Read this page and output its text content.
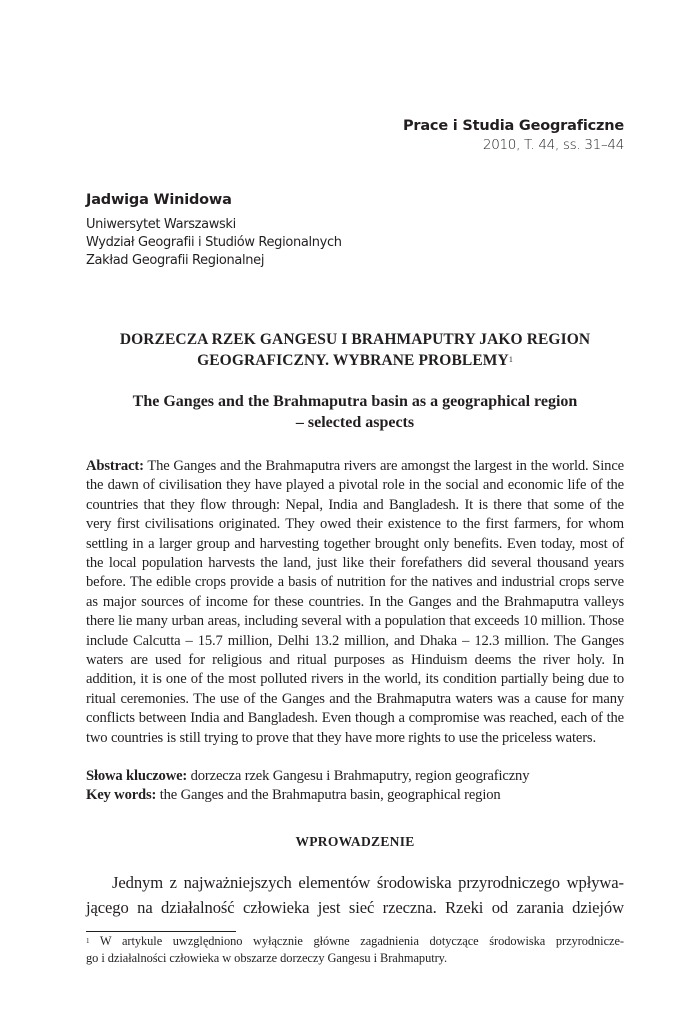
Prace i Studia Geograficzne
2010, T. 44, ss. 31–44
Jadwiga Winidowa
Uniwersytet Warszawski
Wydział Geografii i Studiów Regionalnych
Zakład Geografii Regionalnej
DORZECZA RZEK GANGESU I BRAHMAPUTRY JAKO REGION
GEOGRAFICZNY. WYBRANE PROBLEMY$^1$
The Ganges and the Brahmaputra basin as a geographical region
– selected aspects
Abstract: The Ganges and the Brahmaputra rivers are amongst the largest in the world. Since the dawn of civilisation they have played a pivotal role in the social and economic life of the countries that they flow through: Nepal, India and Bangladesh. It is there that some of the very first civilisations originated. They owed their existence to the first farmers, for whom settling in a larger group and harvesting together brought only benefits. Even today, most of the local population harvests the land, just like their forefathers did several thousand years before. The edible crops provide a basis of nutrition for the natives and industrial crops serve as major sources of income for these countries. In the Ganges and the Brahmaputra valleys there lie many urban areas, including several with a population that exceeds 10 million. Those include Calcutta – 15.7 million, Delhi 13.2 million, and Dhaka – 12.3 million. The Ganges waters are used for religious and ritual purposes as Hinduism deems the river holy. In addition, it is one of the most polluted rivers in the world, its condition partially being due to ritual ceremonies. The use of the Ganges and the Brahmaputra waters was a cause for many conflicts between India and Bangladesh. Even though a compromise was reached, each of the two countries is still trying to prove that they have more rights to use the priceless waters.
Słowa kluczowe: dorzecza rzek Gangesu i Brahmaputry, region geograficzny
Key words: the Ganges and the Brahmaputra basin, geographical region
WPROWADZENIE
Jednym z najważniejszych elementów środowiska przyrodniczego wpływa-
jącego na działalność człowieka jest sieć rzeczna. Rzeki od zarania dziejów
$^1$ W artykule uwzględniono wyłącznie główne zagadnienia dotyczące środowiska przyrodnicze-
go i działalności człowieka w obszarze dorzeczy Gangesu i Brahmaputry.
